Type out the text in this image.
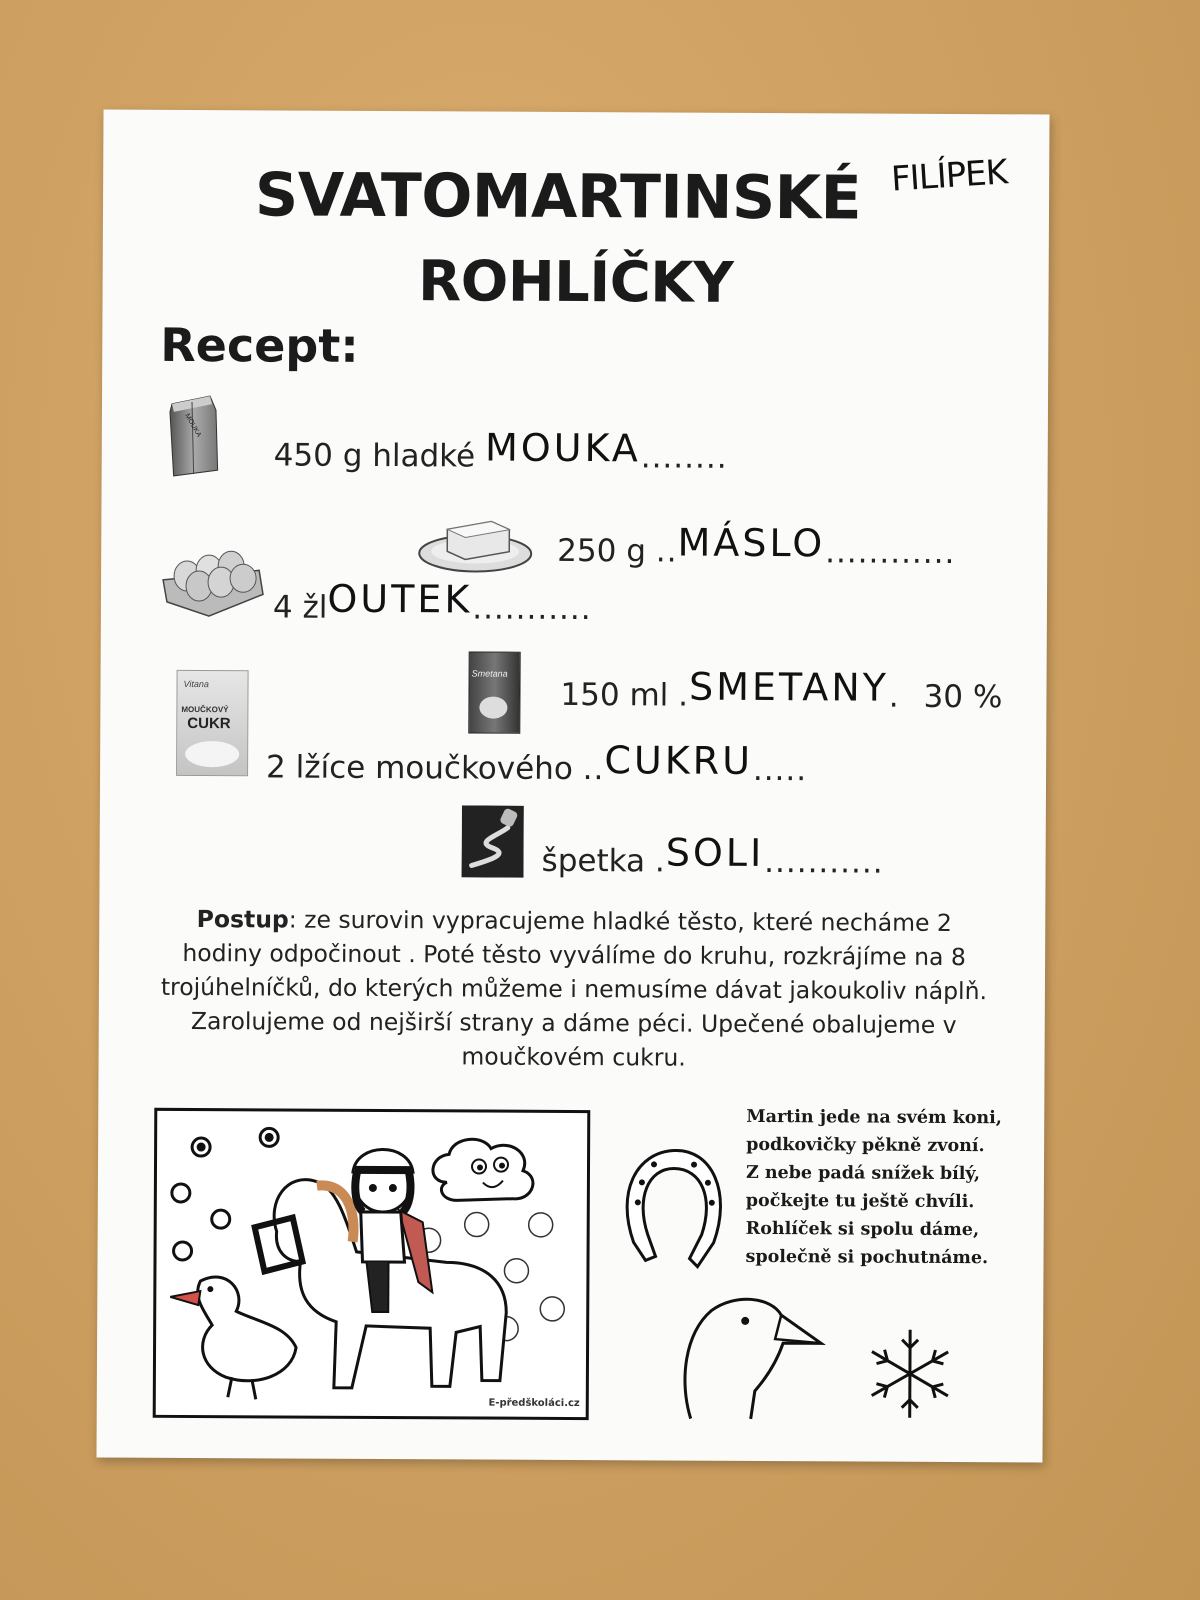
SVATOMARTINSKÉ
ROHLÍČKY
FILÍPEK
Recept:
MOUKA
450 g hladké MOUKA........
250 g ..MÁSLO............
4 žlOUTEK...........
Vitana
MOUČKOVÝ
CUKR
Smetana
150 ml .SMETANY. 30 %
2 lžíce moučkového ..CUKRU.....
špetka .SOLI...........
Postup: ze surovin vypracujeme hladké těsto, které necháme 2 hodiny odpočinout . Poté těsto vyválíme do kruhu, rozkrájíme na 8 trojúhelníčků, do kterých můžeme i nemusíme dávat jakoukoliv náplň. Zarolujeme od nejširší strany a dáme péci. Upečené obalujeme v moučkovém cukru.
E-předškoláci.cz
Martin jede na svém koni,
podkovičky pěkně zvoní.
Z nebe padá snížek bílý,
počkejte tu ještě chvíli.
Rohlíček si spolu dáme,
společně si pochutnáme.
